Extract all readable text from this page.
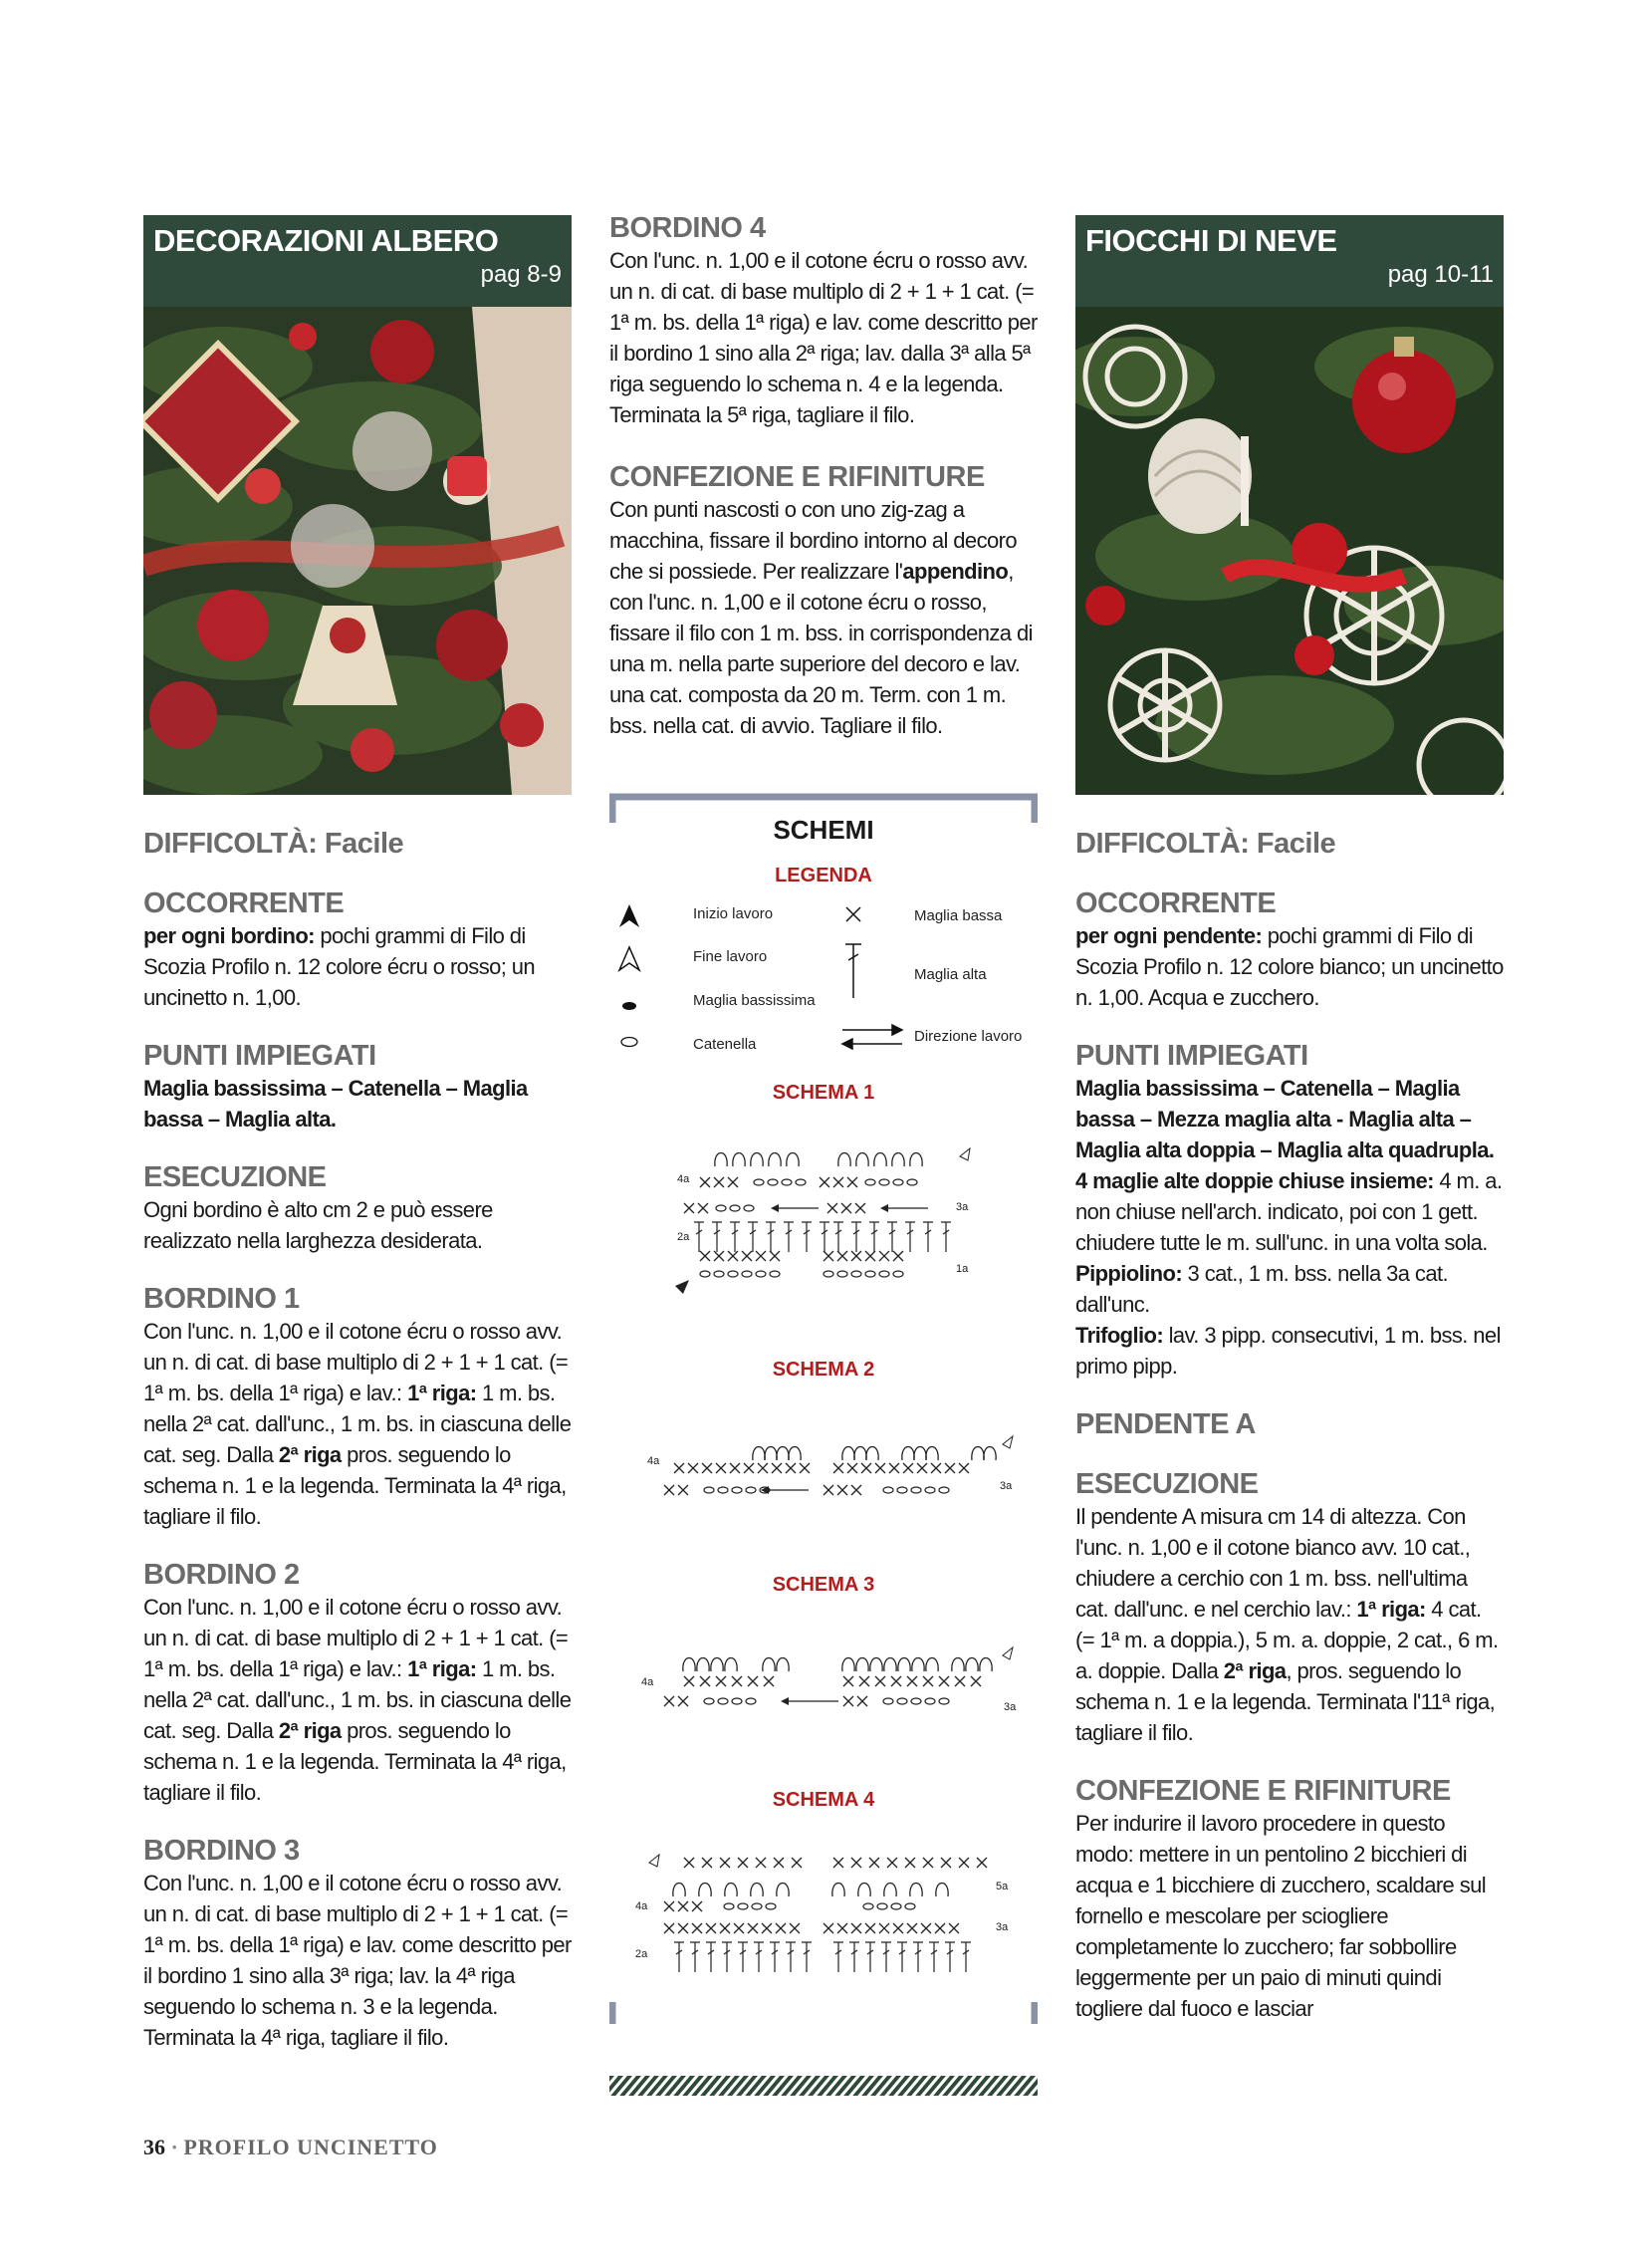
DECORAZIONI ALBERO
pag 8-9

DIFFICOLTÀ: Facile

OCCORRENTE

per ogni bordino: pochi grammi di Filo di Scozia Profilo n. 12 colore écru o rosso; un uncinetto n. 1,00.

PUNTI IMPIEGATI

Maglia bassissima – Catenella – Maglia bassa – Maglia alta.

ESECUZIONE

Ogni bordino è alto cm 2 e può essere realizzato nella larghezza desiderata.

BORDINO 1

Con l'unc. n. 1,00 e il cotone écru o rosso avv. un n. di cat. di base multiplo di 2 + 1 + 1 cat. (= 1ª m. bs. della 1ª riga) e lav.: 1ª riga: 1 m. bs. nella 2ª cat. dall'unc., 1 m. bs. in ciascuna delle cat. seg. Dalla 2ª riga pros. seguendo lo schema n. 1 e la legenda. Terminata la 4ª riga, tagliare il filo.

BORDINO 2

Con l'unc. n. 1,00 e il cotone écru o rosso avv. un n. di cat. di base multiplo di 2 + 1 + 1 cat. (= 1ª m. bs. della 1ª riga) e lav.: 1ª riga: 1 m. bs. nella 2ª cat. dall'unc., 1 m. bs. in ciascuna delle cat. seg. Dalla 2ª riga pros. seguendo lo schema n. 1 e la legenda. Terminata la 4ª riga, tagliare il filo.

BORDINO 3

Con l'unc. n. 1,00 e il cotone écru o rosso avv. un n. di cat. di base multiplo di 2 + 1 + 1 cat. (= 1ª m. bs. della 1ª riga) e lav. come descritto per il bordino 1 sino alla 3ª riga; lav. la 4ª riga seguendo lo schema n. 3 e la legenda. Terminata la 4ª riga, tagliare il filo.

BORDINO 4

Con l'unc. n. 1,00 e il cotone écru o rosso avv. un n. di cat. di base multiplo di 2 + 1 + 1 cat. (= 1ª m. bs. della 1ª riga) e lav. come descritto per il bordino 1 sino alla 2ª riga; lav. dalla 3ª alla 5ª riga seguendo lo schema n. 4 e la legenda. Terminata la 5ª riga, tagliare il filo.

CONFEZIONE E RIFINITURE

Con punti nascosti o con uno zig-zag a macchina, fissare il bordino intorno al decoro che si possiede. Per realizzare l'appendino, con l'unc. n. 1,00 e il cotone écru o rosso, fissare il filo con 1 m. bss. in corrispondenza di una m. nella parte superiore del decoro e lav. una cat. composta da 20 m. Term. con 1 m. bss. nella cat. di avvio. Tagliare il filo.

SCHEMI
LEGENDA
Inizio lavoro
Fine lavoro
Maglia bassissima
Catenella
Maglia bassa
Maglia alta
Direzione lavoro
SCHEMA 1
SCHEMA 2
SCHEMA 3
SCHEMA 4
4a
3a
2a
1a
4a
3a
4a
3a
5a
4a
3a
2a
FIOCCHI DI NEVE
pag 10-11

DIFFICOLTÀ: Facile

OCCORRENTE

per ogni pendente: pochi grammi di Filo di Scozia Profilo n. 12 colore bianco; un uncinetto n. 1,00. Acqua e zucchero.

PUNTI IMPIEGATI

Maglia bassissima – Catenella – Maglia bassa – Mezza maglia alta - Maglia alta – Maglia alta doppia – Maglia alta quadrupla.

4 maglie alte doppie chiuse insieme: 4 m. a. non chiuse nell'arch. indicato, poi con 1 gett. chiudere tutte le m. sull'unc. in una volta sola.

Pippiolino: 3 cat., 1 m. bss. nella 3a cat. dall'unc.

Trifoglio: lav. 3 pipp. consecutivi, 1 m. bss. nel primo pipp.

PENDENTE A

ESECUZIONE

Il pendente A misura cm 14 di altezza. Con l'unc. n. 1,00 e il cotone bianco avv. 10 cat., chiudere a cerchio con 1 m. bss. nell'ultima cat. dall'unc. e nel cerchio lav.: 1ª riga: 4 cat. (= 1ª m. a doppia.), 5 m. a. doppie, 2 cat., 6 m. a. doppie. Dalla 2ª riga, pros. seguendo lo schema n. 1 e la legenda. Terminata l'11ª riga, tagliare il filo.

CONFEZIONE E RIFINITURE

Per indurire il lavoro procedere in questo modo: mettere in un pentolino 2 bicchieri di acqua e 1 bicchiere di zucchero, scaldare sul fornello e mescolare per sciogliere completamente lo zucchero; far sobbollire leggermente per un paio di minuti quindi togliere dal fuoco e lasciar

36 · PROFILO UNCINETTO
